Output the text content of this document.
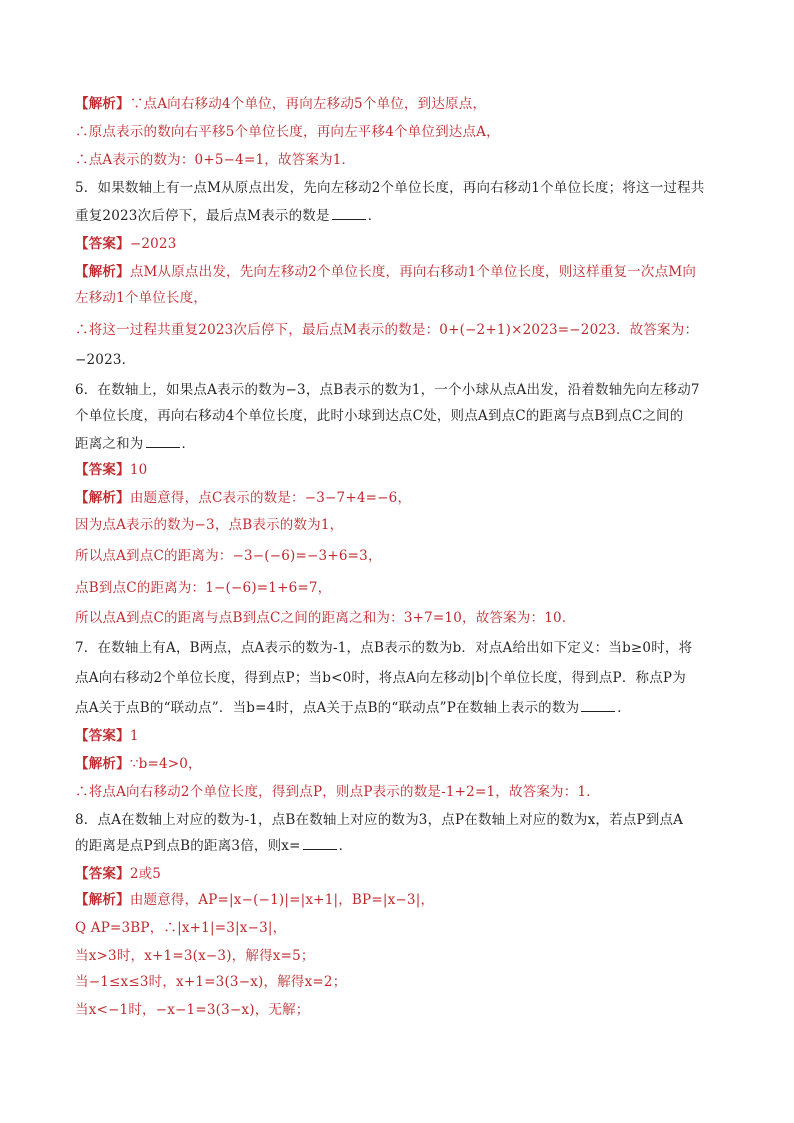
【解析】∵点A向右移动4个单位，再向左移动5个单位，到达原点，
∴原点表示的数向右平移5个单位长度，再向左平移4个单位到达点A，
∴点A表示的数为：0+5−4=1，故答案为1．
5．如果数轴上有一点M从原点出发，先向左移动2个单位长度，再向右移动1个单位长度；将这一过程共
重复2023次后停下，最后点M表示的数是	．
【答案】−2023
【解析】点M从原点出发，先向左移动2个单位长度，再向右移动1个单位长度，则这样重复一次点M向
左移动1个单位长度，
∴将这一过程共重复2023次后停下，最后点M表示的数是：0+(−2+1)×2023=−2023．故答案为：
−2023．
6．在数轴上，如果点A表示的数为−3，点B表示的数为1，一个小球从点A出发，沿着数轴先向左移动7
个单位长度，再向右移动4个单位长度，此时小球到达点C处，则点A到点C的距离与点B到点C之间的
距离之和为	．
【答案】10
【解析】由题意得，点C表示的数是：−3−7+4=−6，
因为点A表示的数为−3，点B表示的数为1，
所以点A到点C的距离为：−3−(−6)=−3+6=3，
点B到点C的距离为：1−(−6)=1+6=7，
所以点A到点C的距离与点B到点C之间的距离之和为：3+7=10，故答案为：10．
7．在数轴上有A，B两点，点A表示的数为-1，点B表示的数为b．对点A给出如下定义：当b≥0时，将
点A向右移动2个单位长度，得到点P；当b<0时，将点A向左移动|b|个单位长度，得到点P．称点P为
点A关于点B的“联动点”．当b=4时，点A关于点B的“联动点”P在数轴上表示的数为	．
【答案】1
【解析】∵b=4>0，
∴将点A向右移动2个单位长度，得到点P，则点P表示的数是-1+2=1，故答案为：1．
8．点A在数轴上对应的数为-1，点B在数轴上对应的数为3，点P在数轴上对应的数为x，若点P到点A
的距离是点P到点B的距离3倍，则x=	．
【答案】2或5
【解析】由题意得，AP=|x−(−1)|=|x+1|，BP=|x−3|，
Q AP=3BP，∴|x+1|=3|x−3|，
当x>3时，x+1=3(x−3)，解得x=5；
当−1≤x≤3时，x+1=3(3−x)，解得x=2；
当x<−1时，−x−1=3(3−x)，无解；
